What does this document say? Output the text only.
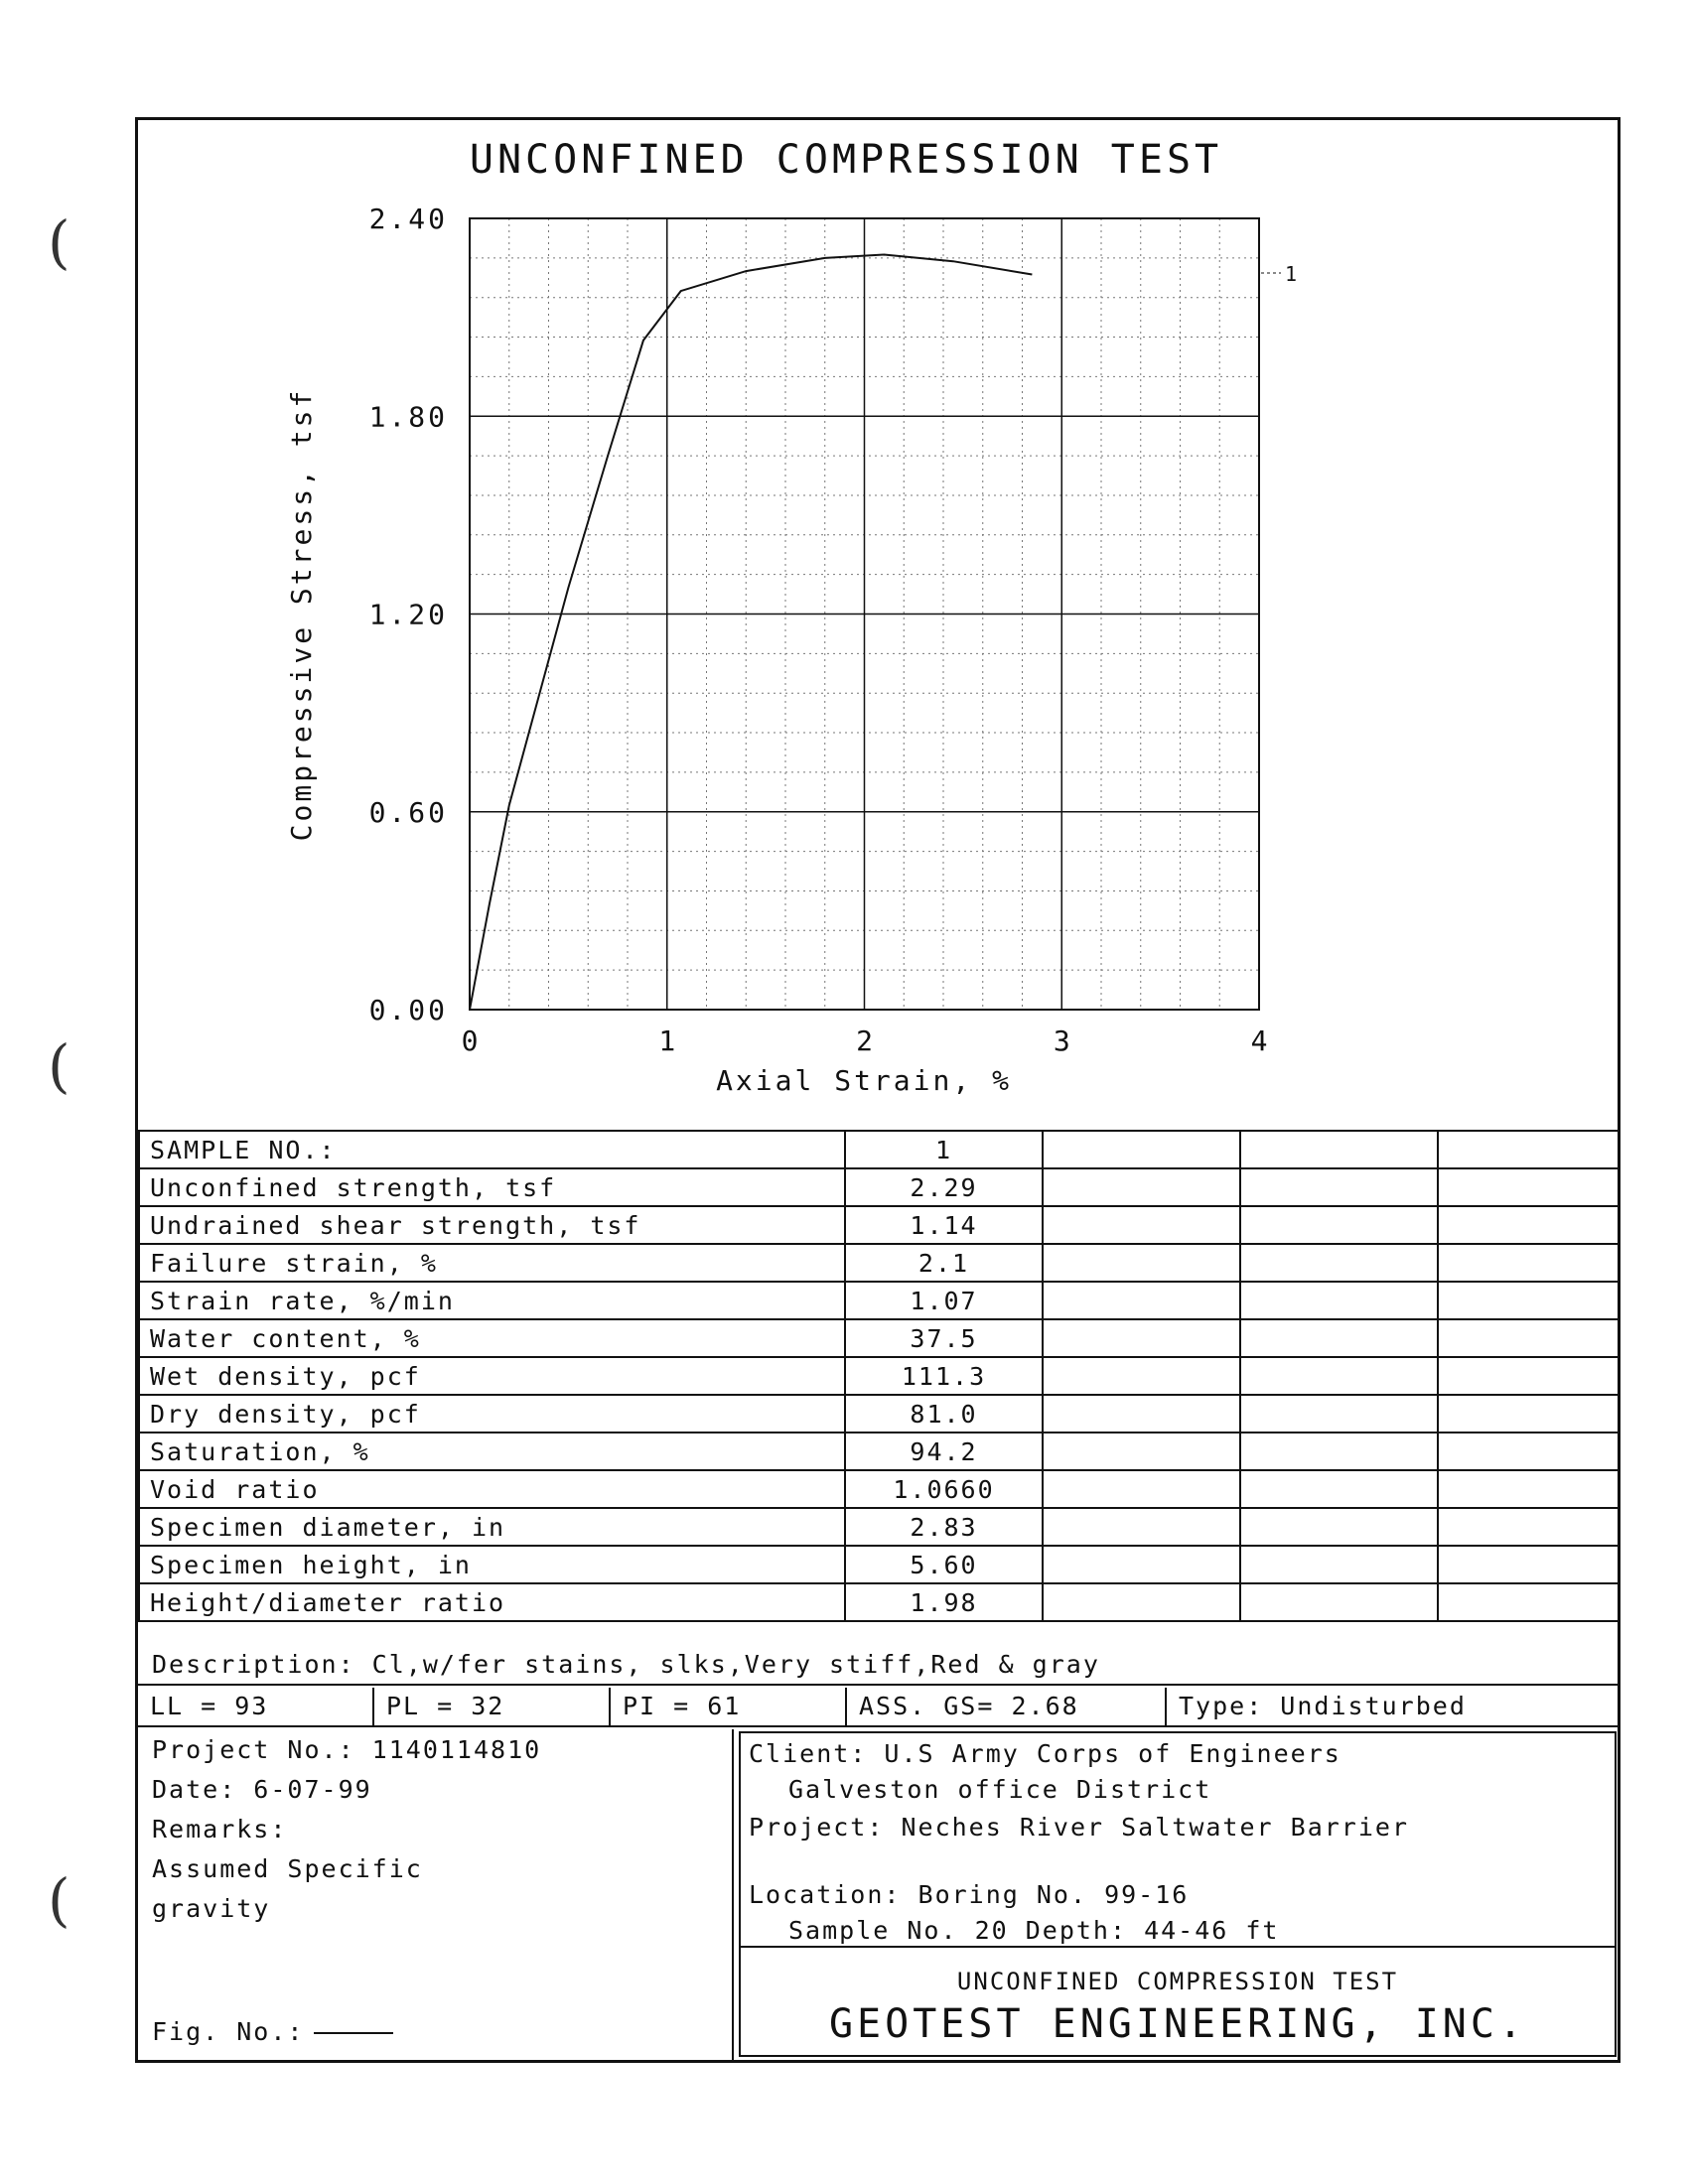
(
(
(
UNCONFINED COMPRESSION TEST
0.00
0.60
1.20
1.80
2.40
0	1	2	3	4
Compressive Stress, tsf
Axial Strain, %
1
SAMPLE NO.:	1			
Unconfined strength, tsf	2.29			
Undrained shear strength, tsf	1.14			
Failure strain, %	2.1			
Strain rate, %/min	1.07			
Water content, %	37.5			
Wet density, pcf	111.3			
Dry density, pcf	81.0			
Saturation, %	94.2			
Void ratio	1.0660			
Specimen diameter, in	2.83			
Specimen height, in	5.60			
Height/diameter ratio	1.98			
Description: Cl,w/fer stains, slks,Very stiff,Red & gray
LL = 93	PL = 32	PI = 61	ASS. GS= 2.68	Type: Undisturbed
Project No.: 1140114810
Date: 6-07-99
Remarks:
Assumed Specific
gravity
Fig. No.:
Client: U.S Army Corps of Engineers
Galveston office District
Project: Neches River Saltwater Barrier
Location: Boring No. 99-16
Sample No. 20 Depth: 44-46 ft
UNCONFINED COMPRESSION TEST
GEOTEST ENGINEERING, INC.
